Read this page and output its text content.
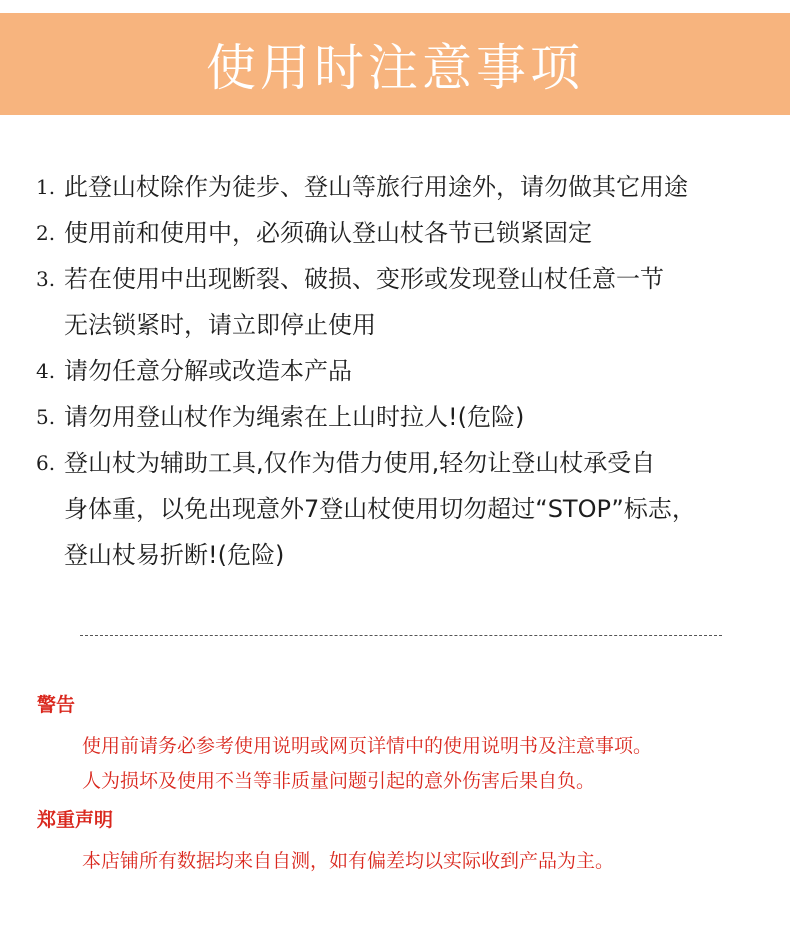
使用时注意事项
1. 此登山杖除作为徒步、登山等旅行用途外，请勿做其它用途
2. 使用前和使用中，必须确认登山杖各节已锁紧固定
3. 若在使用中出现断裂、破损、变形或发现登山杖任意一节
无法锁紧时，请立即停止使用
4. 请勿任意分解或改造本产品
5. 请勿用登山杖作为绳索在上山时拉人!(危险)
6. 登山杖为辅助工具,仅作为借力使用,轻勿让登山杖承受自
身体重，以免出现意外7登山杖使用切勿超过“STOP”标志，
登山杖易折断!(危险)
警告
使用前请务必参考使用说明或网页详情中的使用说明书及注意事项。
人为损坏及使用不当等非质量问题引起的意外伤害后果自负。
郑重声明
本店铺所有数据均来自自测，如有偏差均以实际收到产品为主。
